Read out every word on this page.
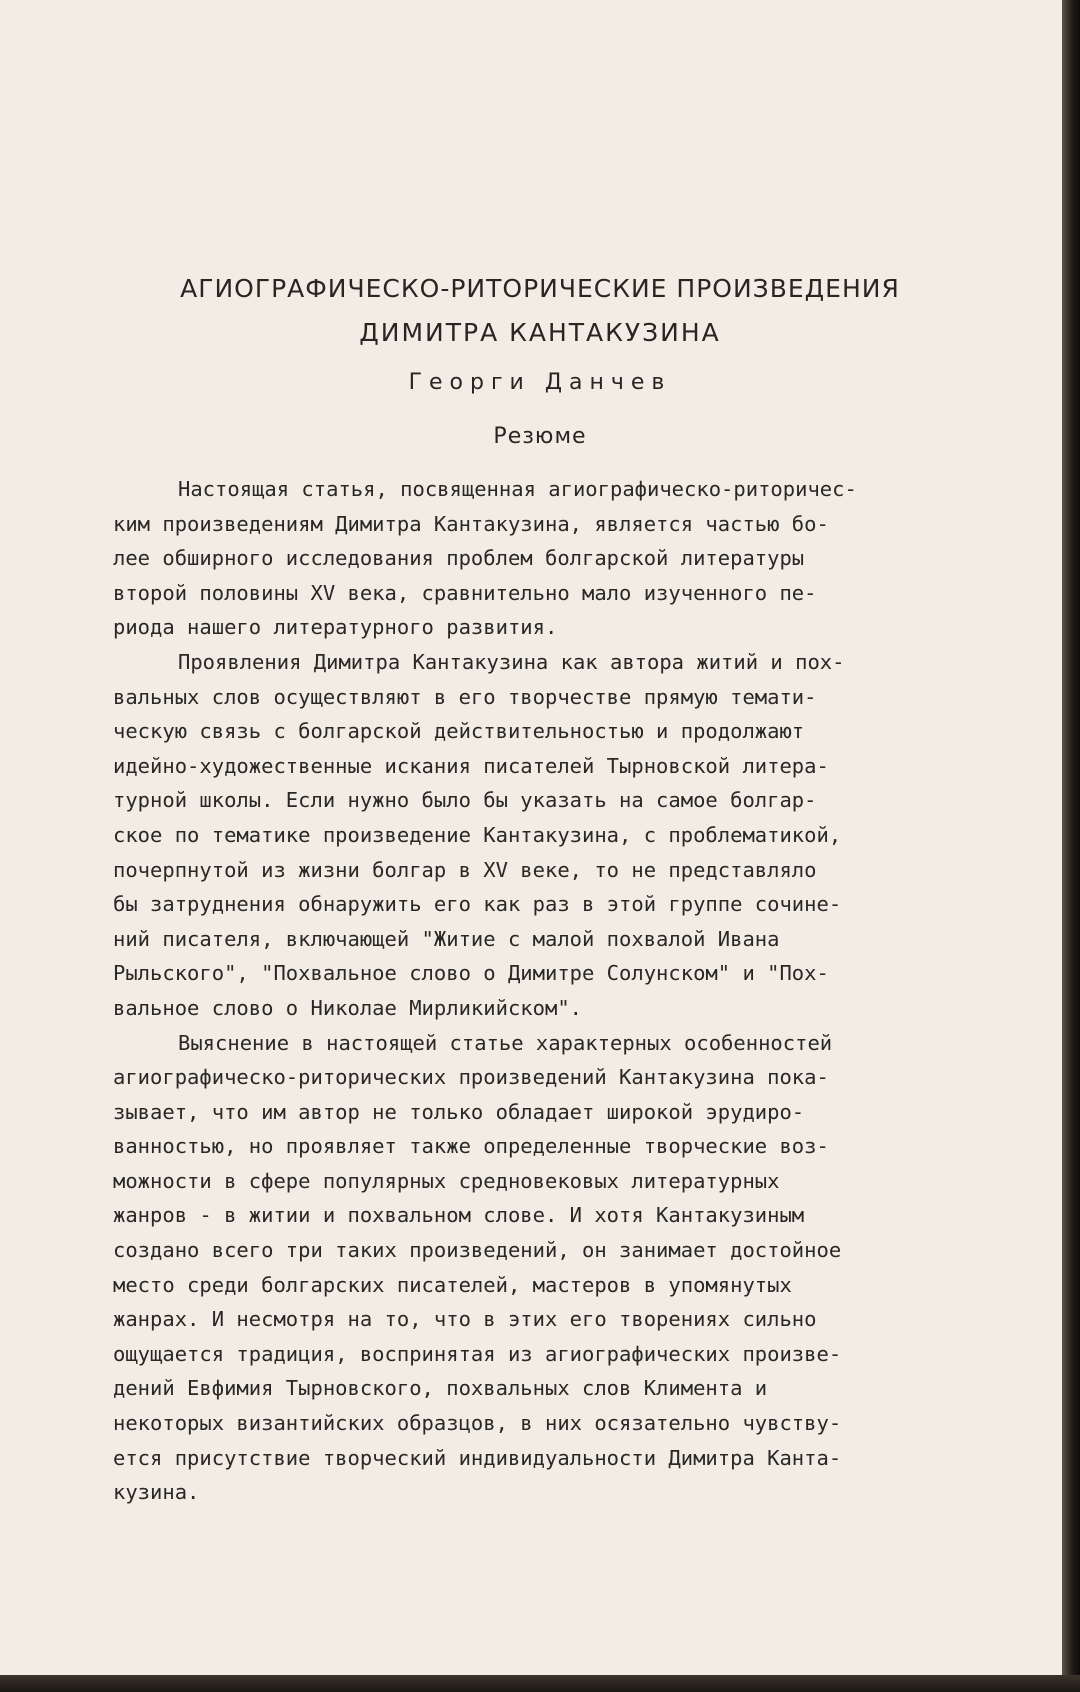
АГИОГРАФИЧЕСКО-РИТОРИЧЕСКИЕ ПРОИЗВЕДЕНИЯ
ДИМИТРА КАНТАКУЗИНА
Георги Данчев
Резюме
Настоящая статья, посвященная агиографическо-риторичес-
ким произведениям Димитра Кантакузина, является частью бо-
лее обширного исследования проблем болгарской литературы
второй половины XV века, сравнительно мало изученного пе-
риода нашего литературного развития.
Проявления Димитра Кантакузина как автора житий и пох-
вальных слов осуществляют в его творчестве прямую темати-
ческую связь с болгарской действительностью и продолжают
идейно-художественные искания писателей Тырновской литера-
турной школы. Если нужно было бы указать на самое болгар-
ское по тематике произведение Кантакузина, с проблематикой,
почерпнутой из жизни болгар в XV веке, то не представляло
бы затруднения обнаружить его как раз в этой группе сочине-
ний писателя, включающей "Житие с малой похвалой Ивана
Рыльского", "Похвальное слово о Димитре Солунском" и "Пох-
вальное слово о Николае Мирликийском".
Выяснение в настоящей статье характерных особенностей
агиографическо-риторических произведений Кантакузина пока-
зывает, что им автор не только обладает широкой эрудиро-
ванностью, но проявляет также определенные творческие воз-
можности в сфере популярных средновековых литературных
жанров - в житии и похвальном слове. И хотя Кантакузиным
создано всего три таких произведений, он занимает достойное
место среди болгарских писателей, мастеров в упомянутых
жанрах. И несмотря на то, что в этих его творениях сильно
ощущается традиция, воспринятая из агиографических произве-
дений Евфимия Тырновского, похвальных слов Климента и
некоторых византийских образцов, в них осязательно чувству-
ется присутствие творческий индивидуальности Димитра Канта-
кузина.
